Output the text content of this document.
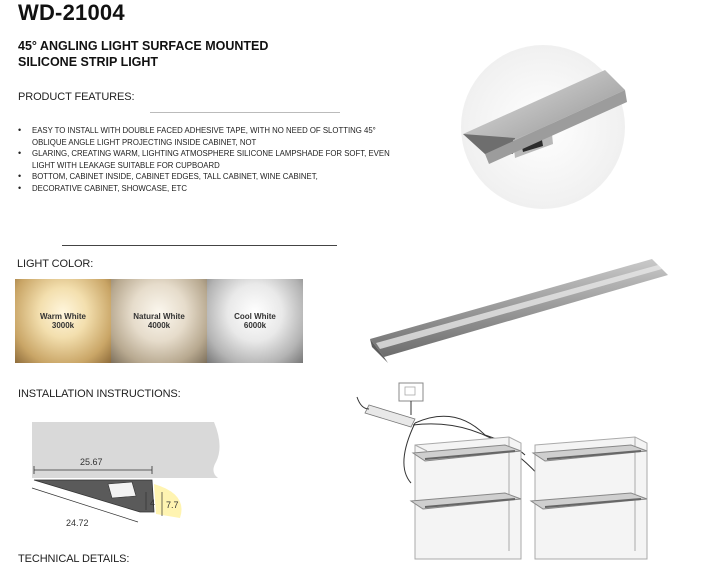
WD-21004
45° ANGLING LIGHT SURFACE MOUNTED
SILICONE STRIP LIGHT
PRODUCT FEATURES:
• EASY TO INSTALL WITH DOUBLE FACED ADHESIVE TAPE, WITH NO NEED OF SLOTTING 45° OBLIQUE ANGLE LIGHT PROJECTING INSIDE CABINET, NOT
• GLARING, CREATING WARM, LIGHTING ATMOSPHERE SILICONE LAMPSHADE FOR SOFT, EVEN LIGHT WITH LEAKAGE SUITABLE FOR CUPBOARD
• BOTTOM, CABINET INSIDE, CABINET EDGES, TALL CABINET, WINE CABINET,
• DECORATIVE CABINET, SHOWCASE, ETC
LIGHT COLOR:
Warm White
3000k
Natural White
4000k
Cool White
6000k
INSTALLATION INSTRUCTIONS:
25.67
4 7.7
24.72
TECHNICAL DETAILS:
